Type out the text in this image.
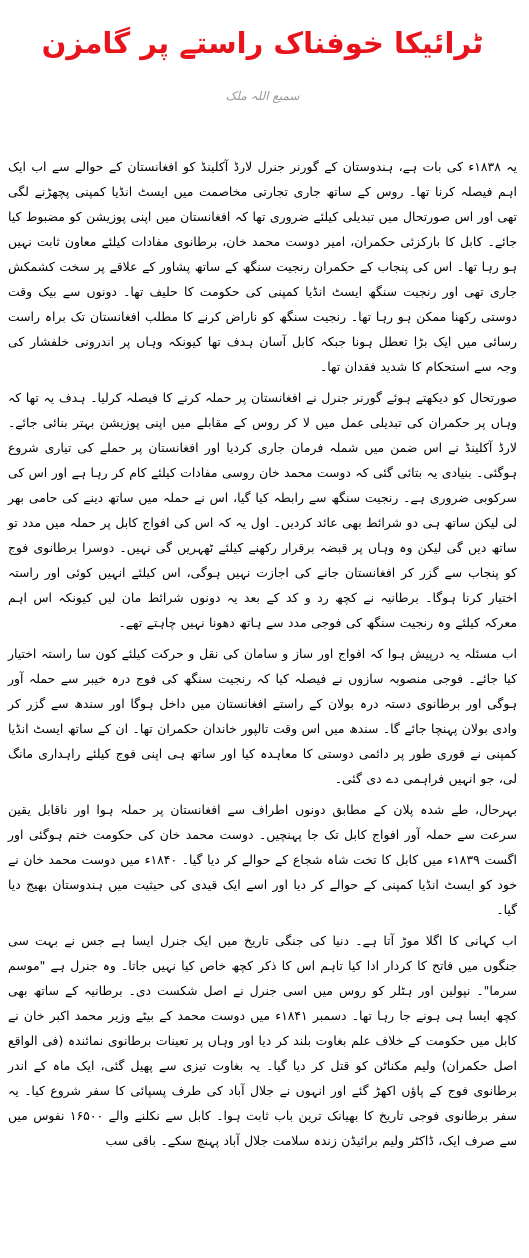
ٹرائیکا خوفناک راستے پر گامزن
سمیع اللہ ملک

یہ ۱۸۳۸ء کی بات ہے، ہندوستان کے گورنر جنرل لارڈ آکلینڈ کو افغانستان کے حوالے سے اب ایک اہم فیصلہ کرنا تھا۔ روس کے ساتھ جاری تجارتی مخاصمت میں ایسٹ انڈیا کمپنی پچھڑنے لگی تھی اور اس صورتحال میں تبدیلی کیلئے ضروری تھا کہ افغانستان میں اپنی پوزیشن کو مضبوط کیا جائے۔ کابل کا بارکزئی حکمران، امیر دوست محمد خان، برطانوی مفادات کیلئے معاون ثابت نہیں ہو رہا تھا۔ اس کی پنجاب کے حکمران رنجیت سنگھ کے ساتھ پشاور کے علاقے پر سخت کشمکش جاری تھی اور رنجیت سنگھ ایسٹ انڈیا کمپنی کی حکومت کا حلیف تھا۔ دونوں سے بیک وقت دوستی رکھنا ممکن ہو رہا تھا۔ رنجیت سنگھ کو ناراض کرنے کا مطلب افغانستان تک براہ راست رسائی میں ایک بڑا تعطل ہونا جبکہ کابل آسان ہدف تھا کیونکہ وہاں پر اندرونی خلفشار کی وجہ سے استحکام کا شدید فقدان تھا۔

صورتحال کو دیکھتے ہوئے گورنر جنرل نے افغانستان پر حملہ کرنے کا فیصلہ کرلیا۔ ہدف یہ تھا کہ وہاں پر حکمران کی تبدیلی عمل میں لا کر روس کے مقابلے میں اپنی پوزیشن بہتر بنائی جائے۔ لارڈ آکلینڈ نے اس ضمن میں شملہ فرمان جاری کردیا اور افغانستان پر حملے کی تیاری شروع ہوگئی۔ بنیادی یہ بتائی گئی کہ دوست محمد خان روسی مفادات کیلئے کام کر رہا ہے اور اس کی سرکوبی ضروری ہے۔ رنجیت سنگھ سے رابطہ کیا گیا، اس نے حملہ میں ساتھ دینے کی حامی بھر لی لیکن ساتھ ہی دو شرائط بھی عائد کردیں۔ اول یہ کہ اس کی افواج کابل پر حملہ میں مدد تو ساتھ دیں گی لیکن وہ وہاں پر قبضہ برقرار رکھنے کیلئے ٹھہریں گی نہیں۔ دوسرا برطانوی فوج کو پنجاب سے گزر کر افغانستان جانے کی اجازت نہیں ہوگی، اس کیلئے انہیں کوئی اور راستہ اختیار کرنا ہوگا۔ برطانیہ نے کچھ رد و کد کے بعد یہ دونوں شرائط مان لیں کیونکہ اس اہم معرکہ کیلئے وہ رنجیت سنگھ کی فوجی مدد سے ہاتھ دھونا نہیں چاہتے تھے۔

اب مسئلہ یہ درپیش ہوا کہ افواج اور ساز و سامان کی نقل و حرکت کیلئے کون سا راستہ اختیار کیا جائے۔ فوجی منصوبہ سازوں نے فیصلہ کیا کہ رنجیت سنگھ کی فوج درہ خیبر سے حملہ آور ہوگی اور برطانوی دستہ درہ بولان کے راستے افغانستان میں داخل ہوگا اور سندھ سے گزر کر وادی بولان پہنچا جائے گا۔ سندھ میں اس وقت تالپور خاندان حکمران تھا۔ ان کے ساتھ ایسٹ انڈیا کمپنی نے فوری طور پر دائمی دوستی کا معاہدہ کیا اور ساتھ ہی اپنی فوج کیلئے راہداری مانگ لی، جو انہیں فراہمی دے دی گئی۔

بہرحال، طے شدہ پلان کے مطابق دونوں اطراف سے افغانستان پر حملہ ہوا اور ناقابل یقین سرعت سے حملہ آور افواج کابل تک جا پہنچیں۔ دوست محمد خان کی حکومت ختم ہوگئی اور اگست ۱۸۳۹ء میں کابل کا تخت شاہ شجاع کے حوالے کر دیا گیا۔ ۱۸۴۰ء میں دوست محمد خان نے خود کو ایسٹ انڈیا کمپنی کے حوالے کر دیا اور اسے ایک قیدی کی حیثیت میں ہندوستان بھیج دیا گیا۔

اب کہانی کا اگلا موڑ آتا ہے۔ دنیا کی جنگی تاریخ میں ایک جنرل ایسا ہے جس نے بہت سی جنگوں میں فاتح کا کردار ادا کیا تاہم اس کا ذکر کچھ خاص کیا نہیں جاتا۔ وہ جنرل ہے "موسم سرما"۔ نپولین اور ہٹلر کو روس میں اسی جنرل نے اصل شکست دی۔ برطانیہ کے ساتھ بھی کچھ ایسا ہی ہونے جا رہا تھا۔ دسمبر ۱۸۴۱ء میں دوست محمد کے بیٹے وزیر محمد اکبر خان نے کابل میں حکومت کے خلاف علم بغاوت بلند کر دیا اور وہاں پر تعینات برطانوی نمائندہ (فی الواقع اصل حکمران) ولیم مکناٹن کو قتل کر دیا گیا۔ یہ بغاوت تیزی سے پھیل گئی، ایک ماہ کے اندر برطانوی فوج کے پاؤں اکھڑ گئے اور انہوں نے جلال آباد کی طرف پسپائی کا سفر شروع کیا۔ یہ سفر برطانوی فوجی تاریخ کا بھیانک ترین باب ثابت ہوا۔ کابل سے نکلنے والے ۱۶۵۰۰ نفوس میں سے صرف ایک، ڈاکٹر ولیم برائیڈن زندہ سلامت جلال آباد پہنچ سکے۔ باقی سب
